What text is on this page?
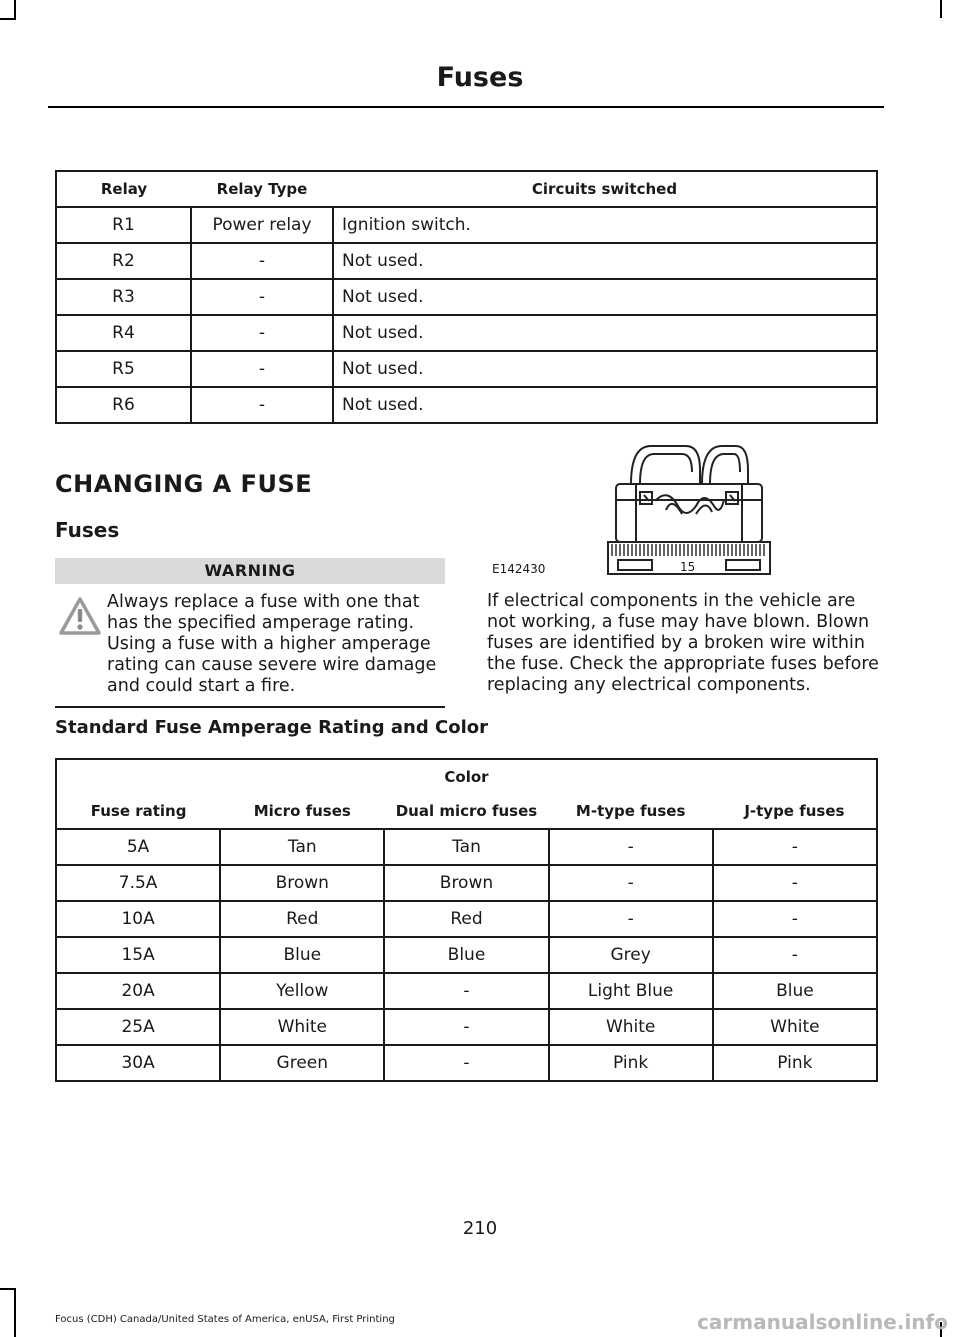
Fuses
Relay	Relay Type	Circuits switched
R1	Power relay	Ignition switch.
R2	-	Not used.
R3	-	Not used.
R4	-	Not used.
R5	-	Not used.
R6	-	Not used.
CHANGING A FUSE
Fuses
WARNING
Always replace a fuse with one that has the specified amperage rating. Using a fuse with a higher amperage rating can cause severe wire damage and could start a fire.
15
E142430
If electrical components in the vehicle are not working, a fuse may have blown. Blown fuses are identified by a broken wire within the fuse. Check the appropriate fuses before replacing any electrical components.
Standard Fuse Amperage Rating and Color
Color				
Fuse rating	Micro fuses	Dual micro fuses	M-type fuses	J-type fuses
5A	Tan	Tan	-	-
7.5A	Brown	Brown	-	-
10A	Red	Red	-	-
15A	Blue	Blue	Grey	-
20A	Yellow	-	Light Blue	Blue
25A	White	-	White	White
30A	Green	-	Pink	Pink
210
Focus (CDH) Canada/United States of America, enUSA, First Printing	carmanualsonline.info
